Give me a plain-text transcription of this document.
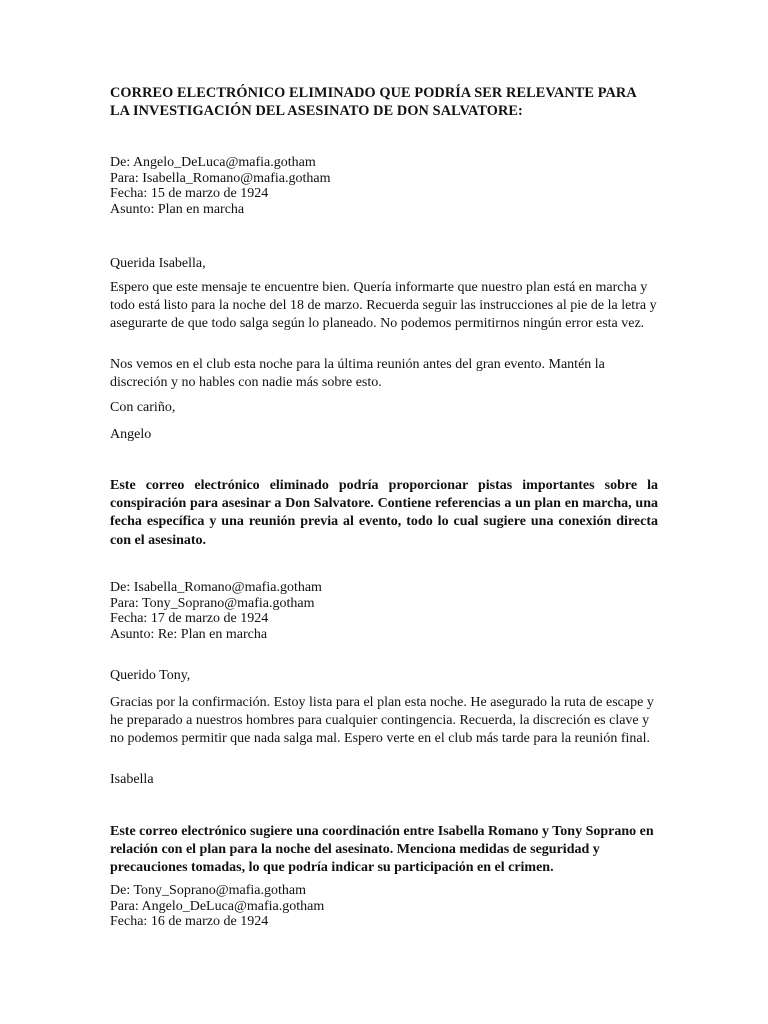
CORREO ELECTRÓNICO ELIMINADO QUE PODRÍA SER RELEVANTE PARA LA INVESTIGACIÓN DEL ASESINATO DE DON SALVATORE:
De: Angelo_DeLuca@mafia.gotham
Para: Isabella_Romano@mafia.gotham
Fecha: 15 de marzo de 1924
Asunto: Plan en marcha
Querida Isabella,
Espero que este mensaje te encuentre bien. Quería informarte que nuestro plan está en marcha y todo está listo para la noche del 18 de marzo. Recuerda seguir las instrucciones al pie de la letra y asegurarte de que todo salga según lo planeado. No podemos permitirnos ningún error esta vez.
Nos vemos en el club esta noche para la última reunión antes del gran evento. Mantén la discreción y no hables con nadie más sobre esto.
Con cariño,
Angelo
Este correo electrónico eliminado podría proporcionar pistas importantes sobre la conspiración para asesinar a Don Salvatore. Contiene referencias a un plan en marcha, una fecha específica y una reunión previa al evento, todo lo cual sugiere una conexión directa con el asesinato.
De: Isabella_Romano@mafia.gotham
Para: Tony_Soprano@mafia.gotham
Fecha: 17 de marzo de 1924
Asunto: Re: Plan en marcha
Querido Tony,
Gracias por la confirmación. Estoy lista para el plan esta noche. He asegurado la ruta de escape y he preparado a nuestros hombres para cualquier contingencia. Recuerda, la discreción es clave y no podemos permitir que nada salga mal. Espero verte en el club más tarde para la reunión final.
Isabella
Este correo electrónico sugiere una coordinación entre Isabella Romano y Tony Soprano en relación con el plan para la noche del asesinato. Menciona medidas de seguridad y precauciones tomadas, lo que podría indicar su participación en el crimen.
De: Tony_Soprano@mafia.gotham
Para: Angelo_DeLuca@mafia.gotham
Fecha: 16 de marzo de 1924
